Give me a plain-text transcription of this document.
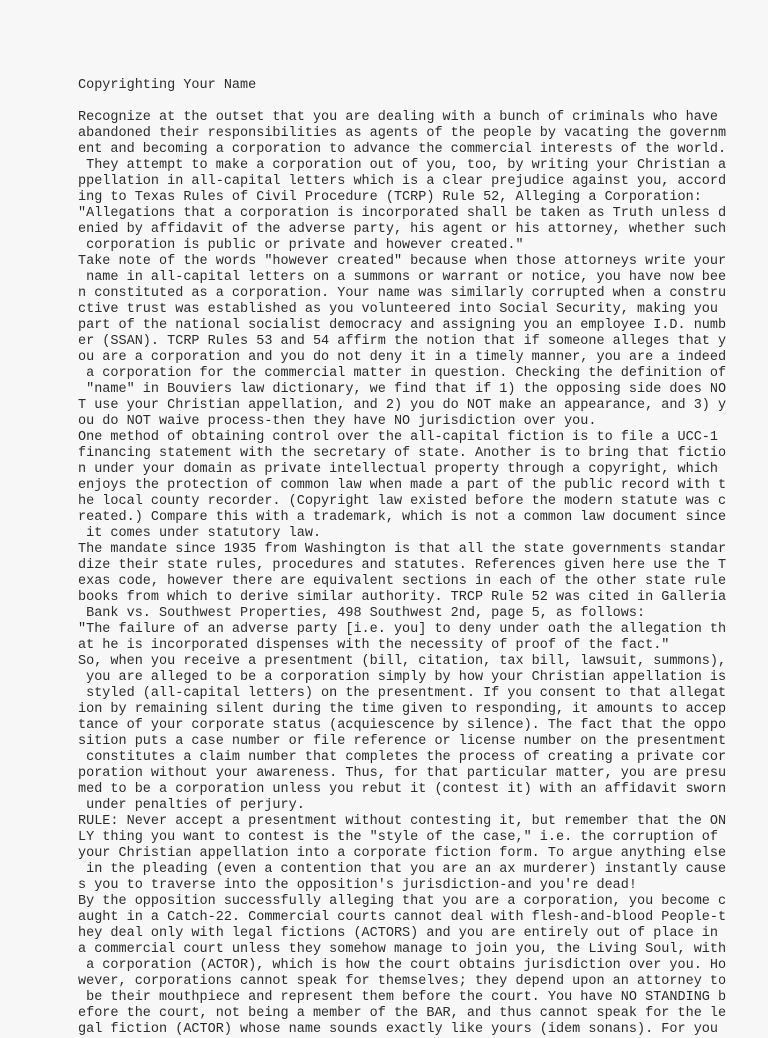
Copyrighting Your Name
Recognize at the outset that you are dealing with a bunch of criminals who have
abandoned their responsibilities as agents of the people by vacating the governm
ent and becoming a corporation to advance the commercial interests of the world.
They attempt to make a corporation out of you, too, by writing your Christian a
ppellation in all-capital letters which is a clear prejudice against you, accord
ing to Texas Rules of Civil Procedure (TCRP) Rule 52, Alleging a Corporation:
"Allegations that a corporation is incorporated shall be taken as Truth unless d
enied by affidavit of the adverse party, his agent or his attorney, whether such
corporation is public or private and however created."
Take note of the words "however created" because when those attorneys write your
name in all-capital letters on a summons or warrant or notice, you have now bee
n constituted as a corporation. Your name was similarly corrupted when a constru
ctive trust was established as you volunteered into Social Security, making you
part of the national socialist democracy and assigning you an employee I.D. numb
er (SSAN). TCRP Rules 53 and 54 affirm the notion that if someone alleges that y
ou are a corporation and you do not deny it in a timely manner, you are a indeed
a corporation for the commercial matter in question. Checking the definition of
"name" in Bouviers law dictionary, we find that if 1) the opposing side does NO
T use your Christian appellation, and 2) you do NOT make an appearance, and 3) y
ou do NOT waive process-then they have NO jurisdiction over you.
One method of obtaining control over the all-capital fiction is to file a UCC-1
financing statement with the secretary of state. Another is to bring that fictio
n under your domain as private intellectual property through a copyright, which
enjoys the protection of common law when made a part of the public record with t
he local county recorder. (Copyright law existed before the modern statute was c
reated.) Compare this with a trademark, which is not a common law document since
it comes under statutory law.
The mandate since 1935 from Washington is that all the state governments standar
dize their state rules, procedures and statutes. References given here use the T
exas code, however there are equivalent sections in each of the other state rule
books from which to derive similar authority. TRCP Rule 52 was cited in Galleria
Bank vs. Southwest Properties, 498 Southwest 2nd, page 5, as follows:
"The failure of an adverse party [i.e. you] to deny under oath the allegation th
at he is incorporated dispenses with the necessity of proof of the fact."
So, when you receive a presentment (bill, citation, tax bill, lawsuit, summons),
you are alleged to be a corporation simply by how your Christian appellation is
styled (all-capital letters) on the presentment. If you consent to that allegat
ion by remaining silent during the time given to responding, it amounts to accep
tance of your corporate status (acquiescence by silence). The fact that the oppo
sition puts a case number or file reference or license number on the presentment
constitutes a claim number that completes the process of creating a private cor
poration without your awareness. Thus, for that particular matter, you are presu
med to be a corporation unless you rebut it (contest it) with an affidavit sworn
under penalties of perjury.
RULE: Never accept a presentment without contesting it, but remember that the ON
LY thing you want to contest is the "style of the case," i.e. the corruption of
your Christian appellation into a corporate fiction form. To argue anything else
in the pleading (even a contention that you are an ax murderer) instantly cause
s you to traverse into the opposition's jurisdiction-and you're dead!
By the opposition successfully alleging that you are a corporation, you become c
aught in a Catch-22. Commercial courts cannot deal with flesh-and-blood People-t
hey deal only with legal fictions (ACTORS) and you are entirely out of place in
a commercial court unless they somehow manage to join you, the Living Soul, with
a corporation (ACTOR), which is how the court obtains jurisdiction over you. Ho
wever, corporations cannot speak for themselves; they depend upon an attorney to
be their mouthpiece and represent them before the court. You have NO STANDING b
efore the court, not being a member of the BAR, and thus cannot speak for the le
gal fiction (ACTOR) whose name sounds exactly like yours (idem sonans). For you
